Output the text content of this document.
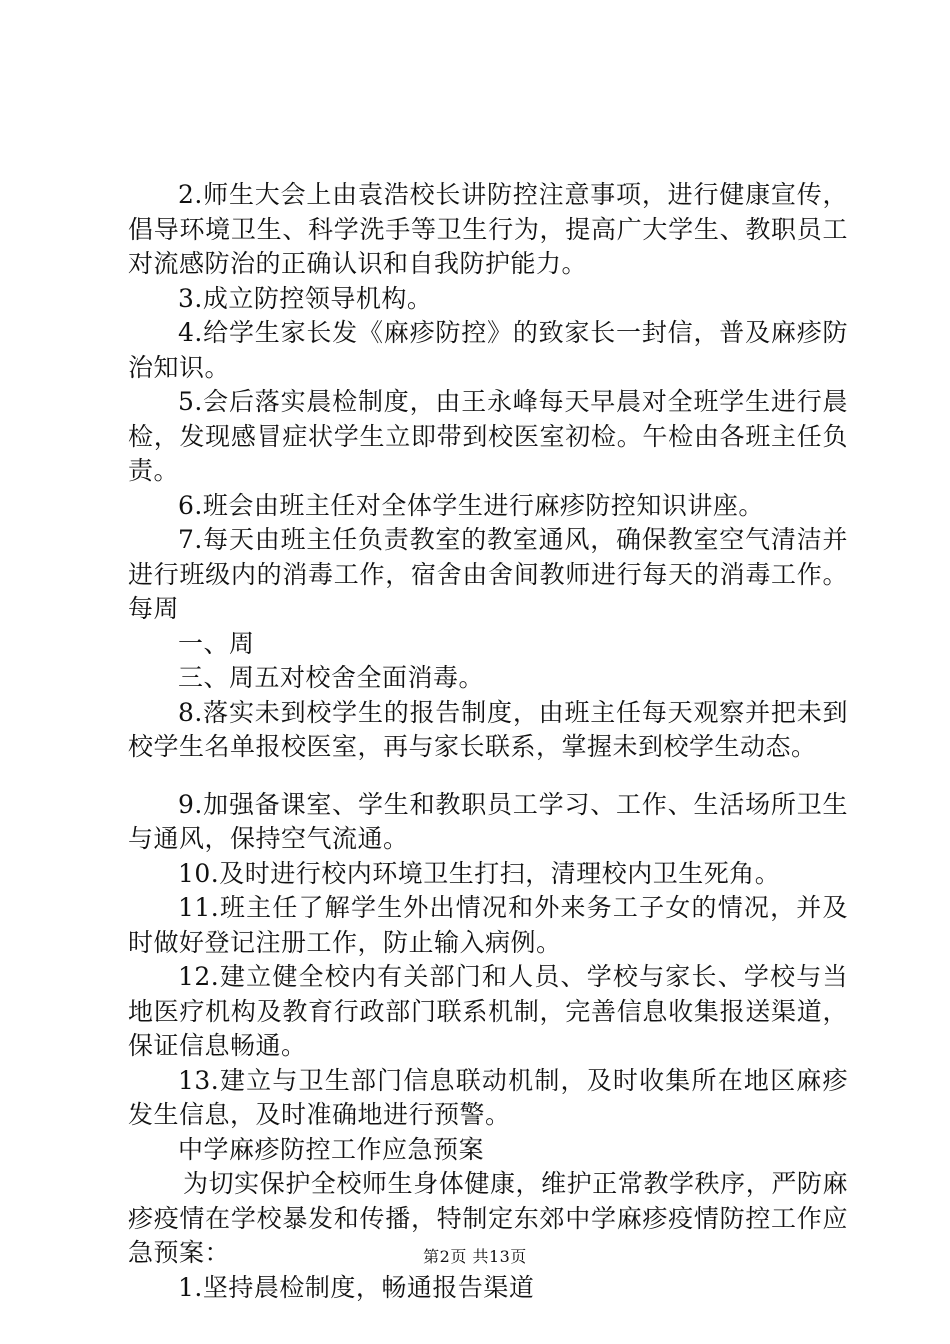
2.师生大会上由袁浩校长讲防控注意事项，进行健康宣传，倡导环境卫生、科学洗手等卫生行为，提高广大学生、教职员工对流感防治的正确认识和自我防护能力。

3.成立防控领导机构。

4.给学生家长发《麻疹防控》的致家长一封信，普及麻疹防治知识。

5.会后落实晨检制度，由王永峰每天早晨对全班学生进行晨检，发现感冒症状学生立即带到校医室初检。午检由各班主任负责。

6.班会由班主任对全体学生进行麻疹防控知识讲座。

7.每天由班主任负责教室的教室通风，确保教室空气清洁并进行班级内的消毒工作，宿舍由舍间教师进行每天的消毒工作。每周

一、周

三、周五对校舍全面消毒。

8.落实未到校学生的报告制度，由班主任每天观察并把未到校学生名单报校医室，再与家长联系，掌握未到校学生动态。

9.加强备课室、学生和教职员工学习、工作、生活场所卫生与通风，保持空气流通。

10.及时进行校内环境卫生打扫，清理校内卫生死角。

11.班主任了解学生外出情况和外来务工子女的情况，并及时做好登记注册工作，防止输入病例。

12.建立健全校内有关部门和人员、学校与家长、学校与当地医疗机构及教育行政部门联系机制，完善信息收集报送渠道，保证信息畅通。

13.建立与卫生部门信息联动机制，及时收集所在地区麻疹发生信息，及时准确地进行预警。

中学麻疹防控工作应急预案

为切实保护全校师生身体健康，维护正常教学秩序，严防麻疹疫情在学校暴发和传播，特制定东郊中学麻疹疫情防控工作应急预案：

1.坚持晨检制度，畅通报告渠道

第2页 共13页
